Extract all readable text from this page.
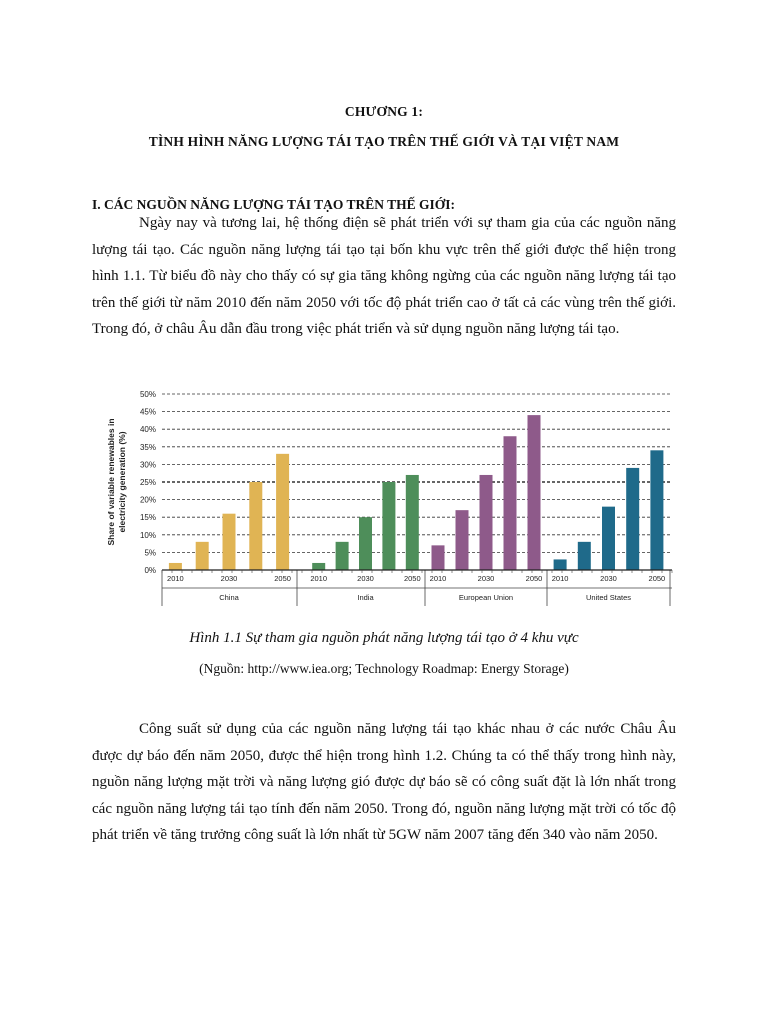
CHƯƠNG 1:
TÌNH HÌNH NĂNG LƯỢNG TÁI TẠO TRÊN THẾ GIỚI VÀ TẠI VIỆT NAM
I. CÁC NGUỒN NĂNG LƯỢNG TÁI TẠO TRÊN THẾ GIỚI:

Ngày nay và tương lai, hệ thống điện sẽ phát triển với sự tham gia của các nguồn năng lượng tái tạo. Các nguồn năng lượng tái tạo tại bốn khu vực trên thế giới được thể hiện trong hình 1.1. Từ biểu đồ này cho thấy có sự gia tăng không ngừng của các nguồn năng lượng tái tạo trên thế giới từ năm 2010 đến năm 2050 với tốc độ phát triển cao ở tất cả các vùng trên thế giới. Trong đó, ở châu Âu dẫn đầu trong việc phát triển và sử dụng nguồn năng lượng tái tạo.

Share of variable renewables in electricity generation (%)
0%
5%
10%
15%
20%
25%
30%
35%
40%
45%
50%
2010	2030	2050
China
2010	2030	2050
India
2010	2030	2050
European Union
2010	2030	2050
United States
Hình 1.1 Sự tham gia nguồn phát năng lượng tái tạo ở 4 khu vực
(Nguồn: http://www.iea.org; Technology Roadmap: Energy Storage)

Công suất sử dụng của các nguồn năng lượng tái tạo khác nhau ở các nước Châu Âu được dự báo đến năm 2050, được thể hiện trong hình 1.2. Chúng ta có thể thấy trong hình này, nguồn năng lượng mặt trời và năng lượng gió được dự báo sẽ có công suất đặt là lớn nhất trong các nguồn năng lượng tái tạo tính đến năm 2050. Trong đó, nguồn năng lượng mặt trời có tốc độ phát triển về tăng trưởng công suất là lớn nhất từ 5GW năm 2007 tăng đến 340 vào năm 2050.
